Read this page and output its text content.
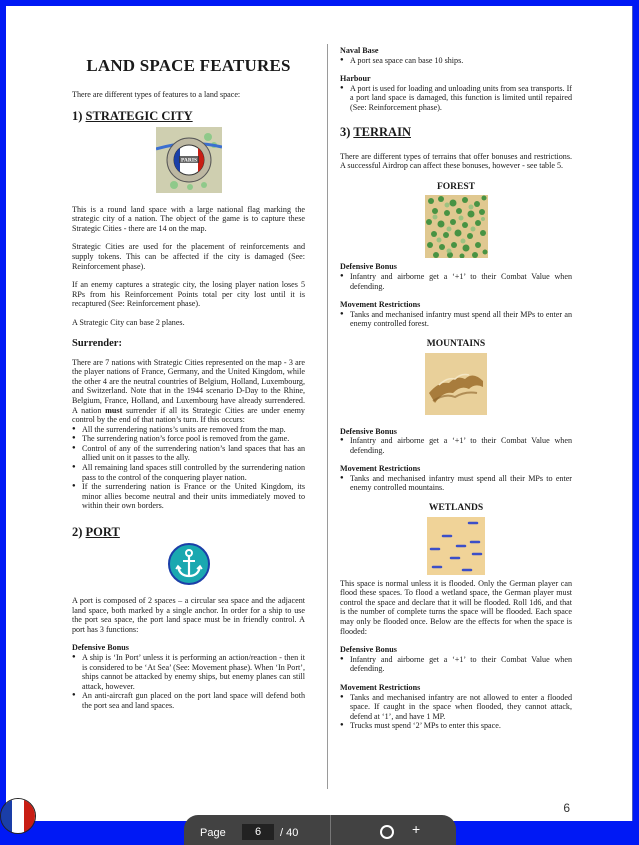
LAND SPACE FEATURES

There are different types of features to a land space:

1) STRATEGIC CITY
PARIS

This is a round land space with a large national flag marking the strategic city of a nation. The object of the game is to capture these Strategic Cities - there are 14 on the map.

Strategic Cities are used for the placement of reinforcements and supply tokens. This can be affected if the city is damaged (See: Reinforcement phase).

If an enemy captures a strategic city, the losing player nation loses 5 RPs from his Reinforcement Points total per city lost until it is recaptured (See: Reinforcement phase).

A Strategic City can base 2 planes.

Surrender:

There are 7 nations with Strategic Cities represented on the map - 3 are the player nations of France, Germany, and the United Kingdom, while the other 4 are the neutral countries of Belgium, Holland, Luxembourg, and Switzerland. Note that in the 1944 scenario D-Day to the Rhine, Belgium, France, Holland, and Luxembourg have already surrendered. A nation must surrender if all its Strategic Cities are under enemy control by the end of that nation’s turn. If this occurs:

● All the surrendering nations’s units are removed from the map.
● The surrendering nation’s force pool is removed from the game.
● Control of any of the surrendering nation’s land spaces that has an allied unit on it passes to the ally.
● All remaining land spaces still controlled by the surrendering nation pass to the control of the conquering player nation.
● If the surrendering nation is France or the United Kingdom, its minor allies become neutral and their units immediately moved to within their own borders.
2) PORT

A port is composed of 2 spaces – a circular sea space and the adjacent land space, both marked by a single anchor. In order for a ship to use the port sea space, the port land space must be in friendly control. A port has 3 functions:

Defensive Bonus
● A ship is ‘In Port’ unless it is performing an action/reaction - then it is considered to be ‘At Sea’ (See: Movement phase). When ‘In Port’, ships cannot be attacked by enemy ships, but enemy planes can still attack, however.
● An anti-aircraft gun placed on the port land space will defend both the port sea and land spaces.
Naval Base
● A port sea space can base 10 ships.
Harbour
● A port is used for loading and unloading units from sea transports. If a port land space is damaged, this function is limited until repaired (See: Reinforcement phase).
3) TERRAIN

There are different types of terrains that offer bonuses and restrictions. A successful Airdrop can affect these bonuses, however - see table 5.

FOREST
Defensive Bonus
● Infantry and airborne get a ‘+1’ to their Combat Value when defending.
Movement Restrictions
● Tanks and mechanised infantry must spend all their MPs to enter an enemy controlled forest.
MOUNTAINS
Defensive Bonus
● Infantry and airborne get a ‘+1’ to their Combat Value when defending.
Movement Restrictions
● Tanks and mechanised infantry must spend all their MPs to enter enemy controlled mountains.
WETLANDS

This space is normal unless it is flooded. Only the German player can flood these spaces. To flood a wetland space, the German player must control the space and declare that it will be flooded. Roll 1d6, and that is the number of complete turns the space will be flooded. Each space may only be flooded once. Below are the effects for when the space is flooded:

Defensive Bonus
● Infantry and airborne get a ‘+1’ to their Combat Value when defending.
Movement Restrictions
● Tanks and mechanised infantry are not allowed to enter a flooded space. If caught in the space when flooded, they cannot attack, defend at ‘1’, and have 1 MP.
● Trucks must spend ‘2’ MPs to enter this space.
6
Page	6	/ 40	+
